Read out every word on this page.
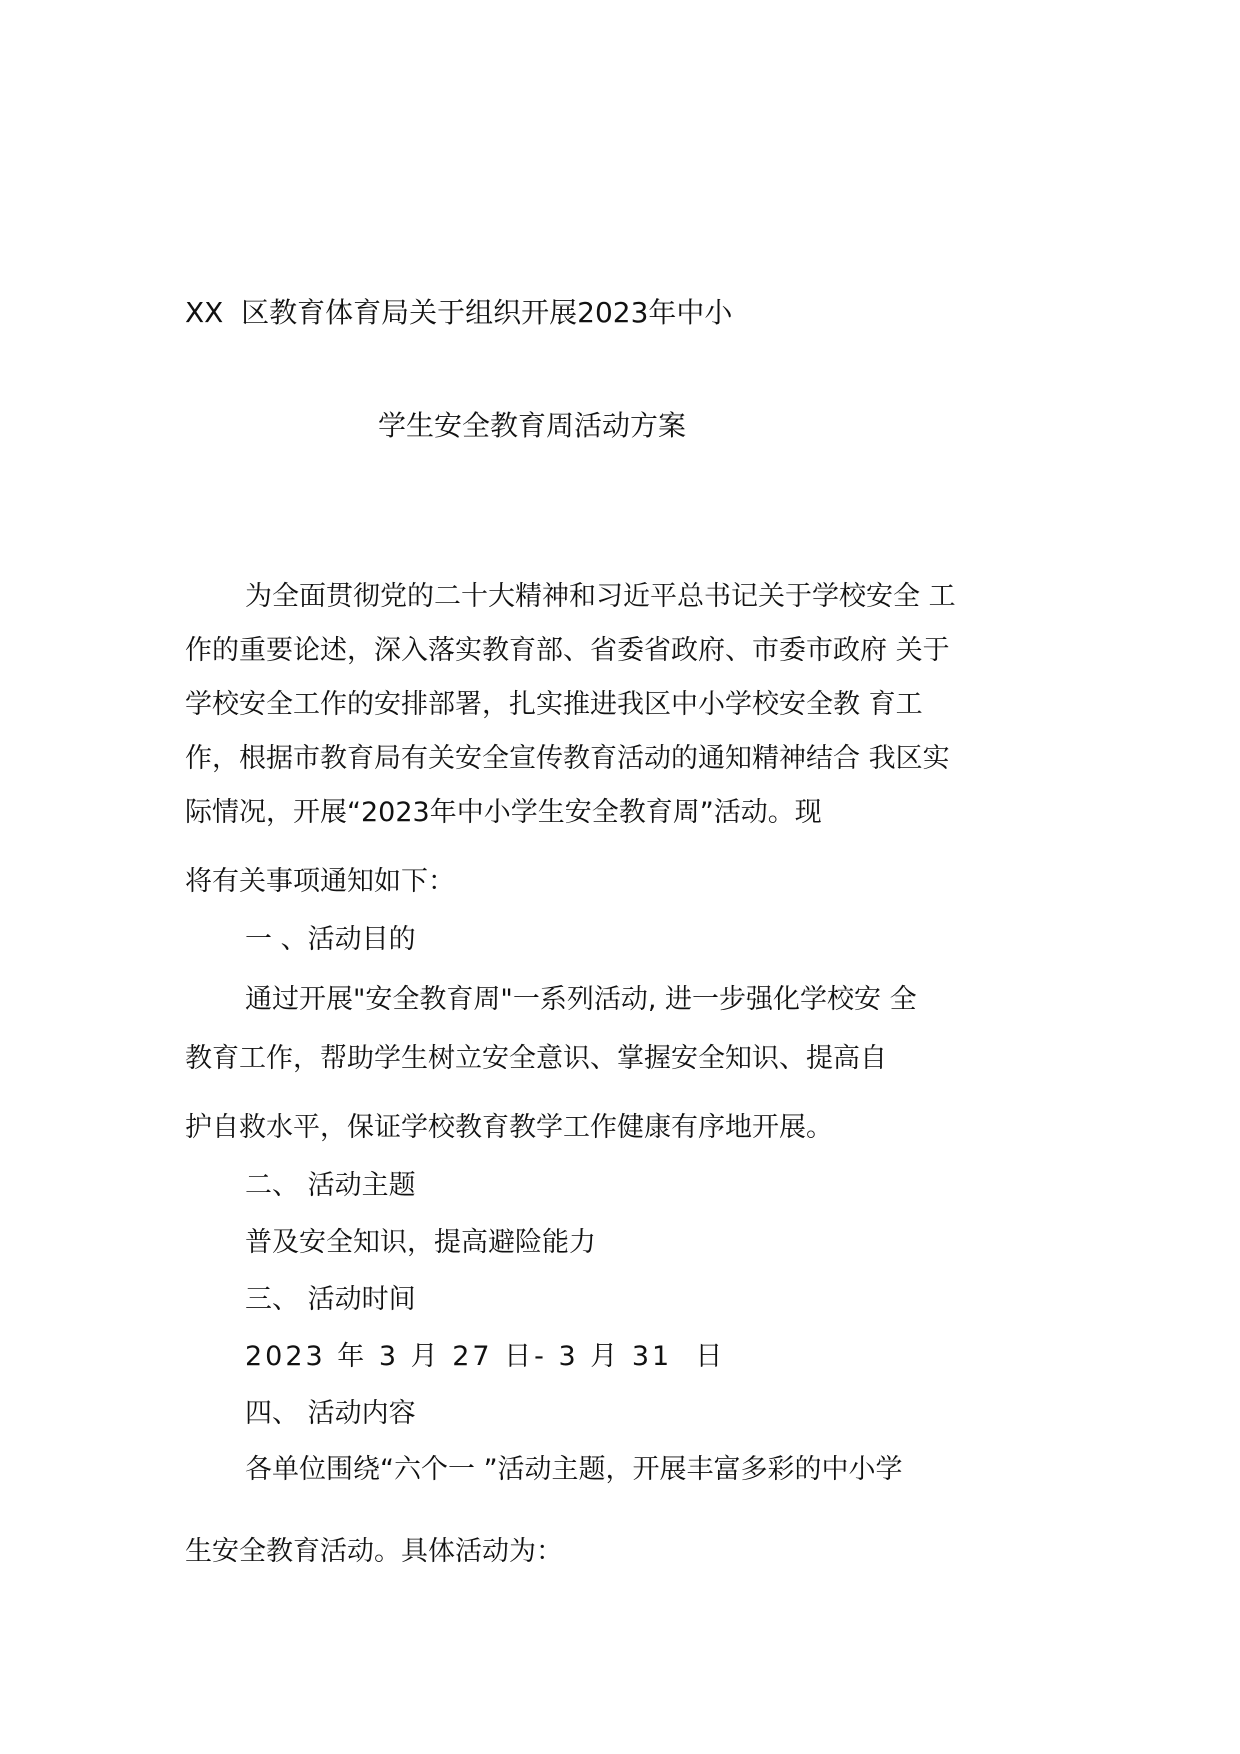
XX  区教育体育局关于组织开展2023年中小
学生安全教育周活动方案
为全面贯彻党的二十大精神和习近平总书记关于学校安全 工
作的重要论述，深入落实教育部、省委省政府、市委市政府 关于
学校安全工作的安排部署，扎实推进我区中小学校安全教 育工
作，根据市教育局有关安全宣传教育活动的通知精神结合 我区实
际情况，开展“2023年中小学生安全教育周”活动。现
将有关事项通知如下：
一 、活动目的
通过开展"安全教育周"一系列活动, 进一步强化学校安 全
教育工作，帮助学生树立安全意识、掌握安全知识、提高自
护自救水平，保证学校教育教学工作健康有序地开展。
二、 活动主题
普及安全知识，提高避险能力
三、 活动时间
2023 年 3 月 27 日- 3 月 31  日
四、 活动内容
各单位围绕“六个一 ”活动主题，开展丰富多彩的中小学
生安全教育活动。具体活动为：
